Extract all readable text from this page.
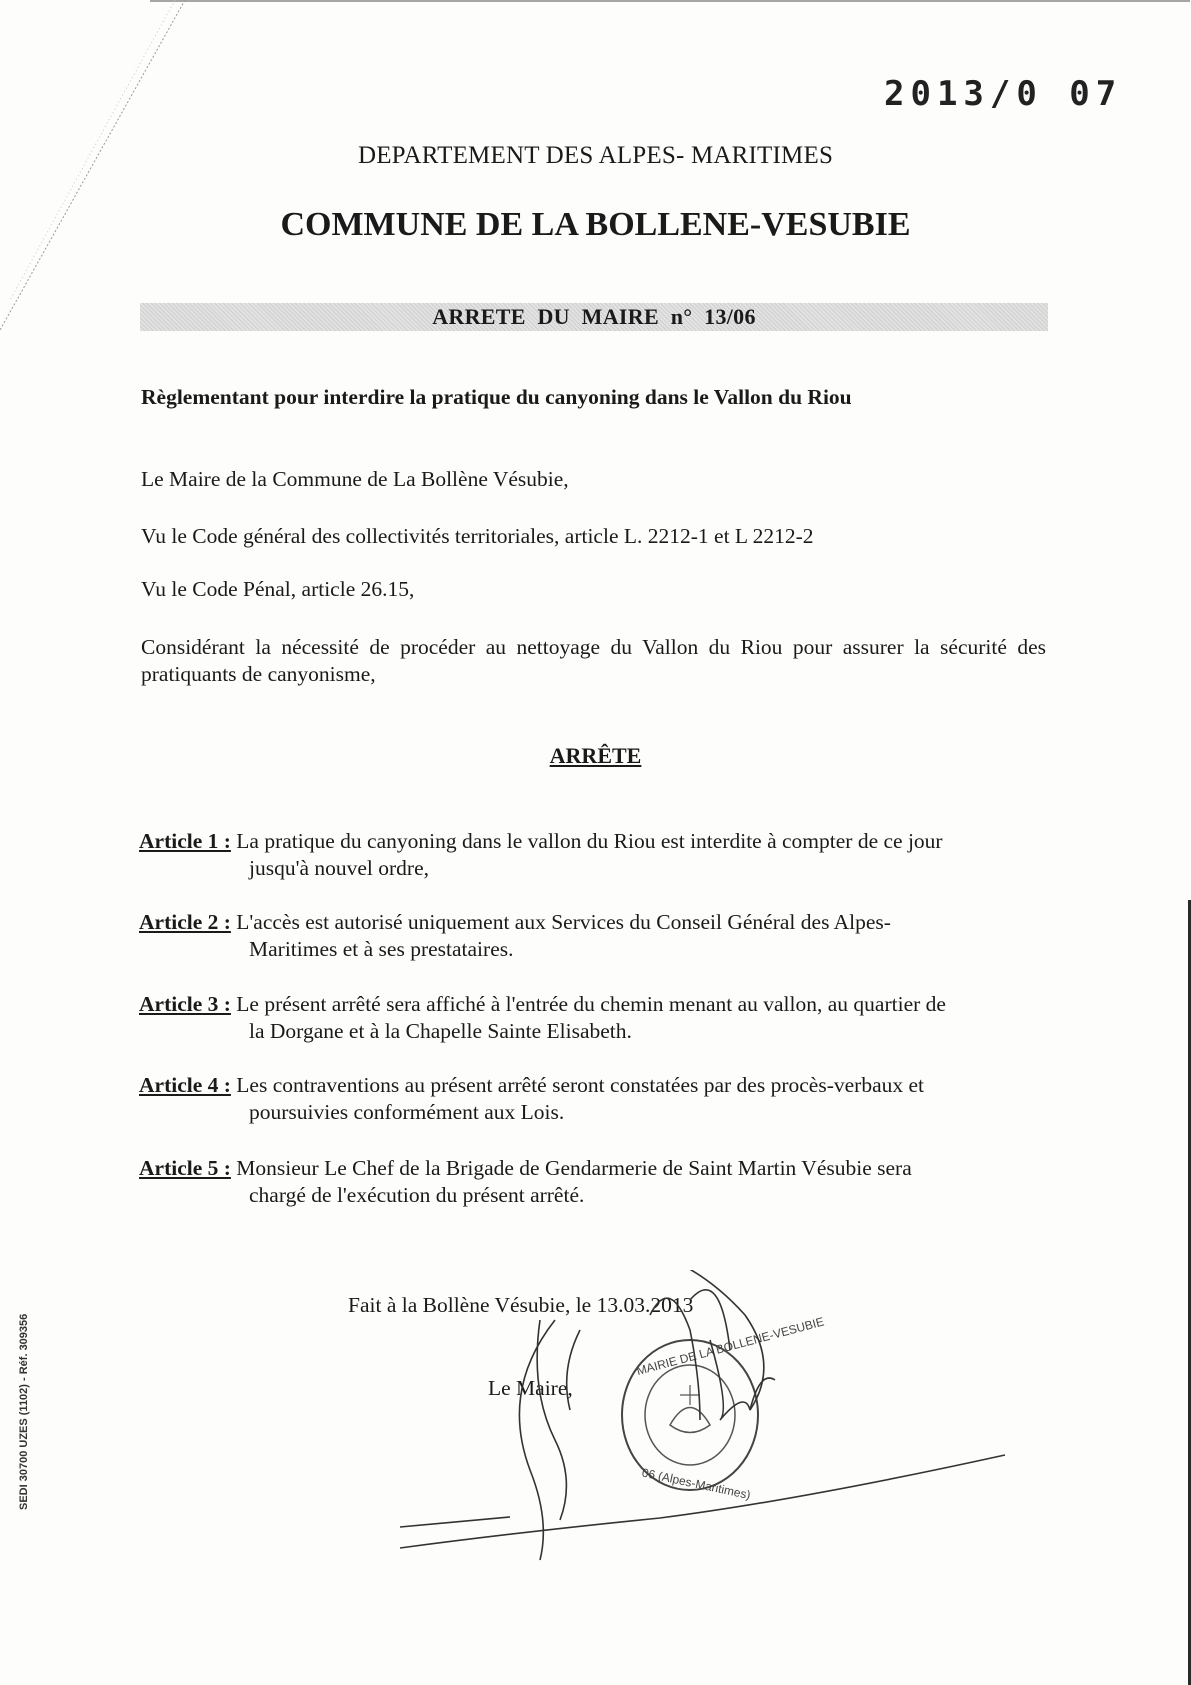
2013/0 07
DEPARTEMENT DES ALPES- MARITIMES
COMMUNE DE LA BOLLENE-VESUBIE
ARRETE DU MAIRE n° 13/06
Règlementant pour interdire la pratique du canyoning dans le Vallon du Riou
Le Maire de la Commune de La Bollène Vésubie,
Vu le Code général des collectivités territoriales, article L. 2212-1 et L 2212-2
Vu le Code Pénal, article 26.15,
Considérant la nécessité de procéder au nettoyage du Vallon du Riou pour assurer la sécurité des pratiquants de canyonisme,
ARRÊTE
Article 1 : La pratique du canyoning dans le vallon du Riou est interdite à compter de ce jour
jusqu'à nouvel ordre,
Article 2 : L'accès est autorisé uniquement aux Services du Conseil Général des Alpes-
Maritimes et à ses prestataires.
Article 3 : Le présent arrêté sera affiché à l'entrée du chemin menant au vallon, au quartier de
la Dorgane et à la Chapelle Sainte Elisabeth.
Article 4 : Les contraventions au présent arrêté seront constatées par des procès-verbaux et
poursuivies conformément aux Lois.
Article 5 : Monsieur Le Chef de la Brigade de Gendarmerie de Saint Martin Vésubie sera
chargé de l'exécution du présent arrêté.
Fait à la Bollène Vésubie, le 13.03.2013
Le Maire,
MAIRIE DE LA BOLLENE-VESUBIE
06 (Alpes-Maritimes)
SEDI 30700 UZES (1102) - Réf. 309356
